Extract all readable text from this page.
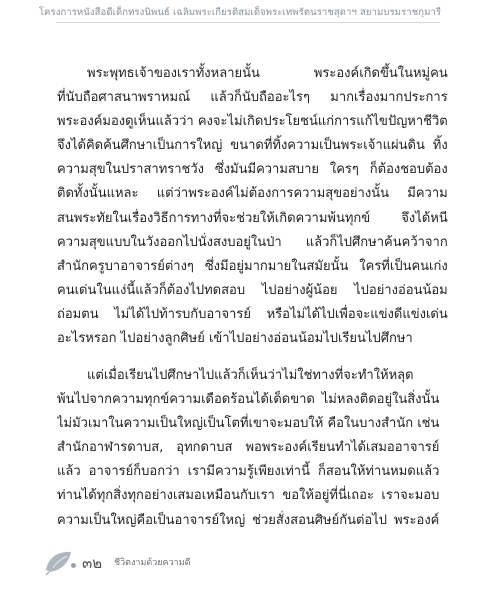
โครงการหนังสือดีเด็กทรงนิพนธ์ เฉลิมพระเกียรติสมเด็จพระเทพรัตนราชสุดาฯ สยามบรมราชกุมารี
พระพุทธเจ้าของเราทั้งหลายนั้น พระองค์เกิดขึ้นในหมู่คน
ที่นับถือศาสนาพราหมณ์ แล้วก็นับถืออะไรๆ มากเรื่องมากประการ
พระองค์มองดูเห็นแล้วว่า คงจะไม่เกิดประโยชน์แก่การแก้ไขปัญหาชีวิต
จึงได้คิดค้นศึกษาเป็นการใหญ่ ขนาดที่ทิ้งความเป็นพระเจ้าแผ่นดิน ทิ้ง
ความสุขในปราสาทราชวัง ซึ่งมันมีความสบาย ใครๆ ก็ต้องชอบต้อง
ติดทั้งนั้นแหละ แต่ว่าพระองค์ไม่ต้องการความสุขอย่างนั้น มีความ
สนพระทัยในเรื่องวิธีการทางที่จะช่วยให้เกิดความพ้นทุกข์ จึงได้หนี
ความสุขแบบในวังออกไปนั่งสงบอยู่ในป่า แล้วก็ไปศึกษาค้นคว้าจาก
สำนักครูบาอาจารย์ต่างๆ ซึ่งมีอยู่มากมายในสมัยนั้น ใครที่เป็นคนเก่ง
คนเด่นในแง่นี้แล้วก็ต้องไปทดสอบ ไปอย่างผู้น้อย ไปอย่างอ่อนน้อม
ถ่อมตน ไม่ได้ไปท้ารบกับอาจารย์ หรือไม่ได้ไปเพื่อจะแข่งดีแข่งเด่น
อะไรหรอก ไปอย่างลูกศิษย์ เข้าไปอย่างอ่อนน้อมไปเรียนไปศึกษา
แต่เมื่อเรียนไปศึกษาไปแล้วก็เห็นว่าไม่ใช่ทางที่จะทำให้หลุด
พ้นไปจากความทุกข์ความเดือดร้อนได้เด็ดขาด ไม่หลงติดอยู่ในสิ่งนั้น
ไม่มัวเมาในความเป็นใหญ่เป็นโตที่เขาจะมอบให้ คือในบางสำนัก เช่น
สำนักอาฬารดาบส, อุทกดาบส พอพระองค์เรียนทำได้เสมออาจารย์
แล้ว อาจารย์ก็บอกว่า เรามีความรู้เพียงเท่านี้ ก็สอนให้ท่านหมดแล้ว
ท่านได้ทุกสิ่งทุกอย่างเสมอเหมือนกับเรา ขอให้อยู่ที่นี่เถอะ เราจะมอบ
ความเป็นใหญ่คือเป็นอาจารย์ใหญ่ ช่วยสั่งสอนศิษย์กันต่อไป พระองค์
๓๒ ชีวิตงามด้วยความดี
